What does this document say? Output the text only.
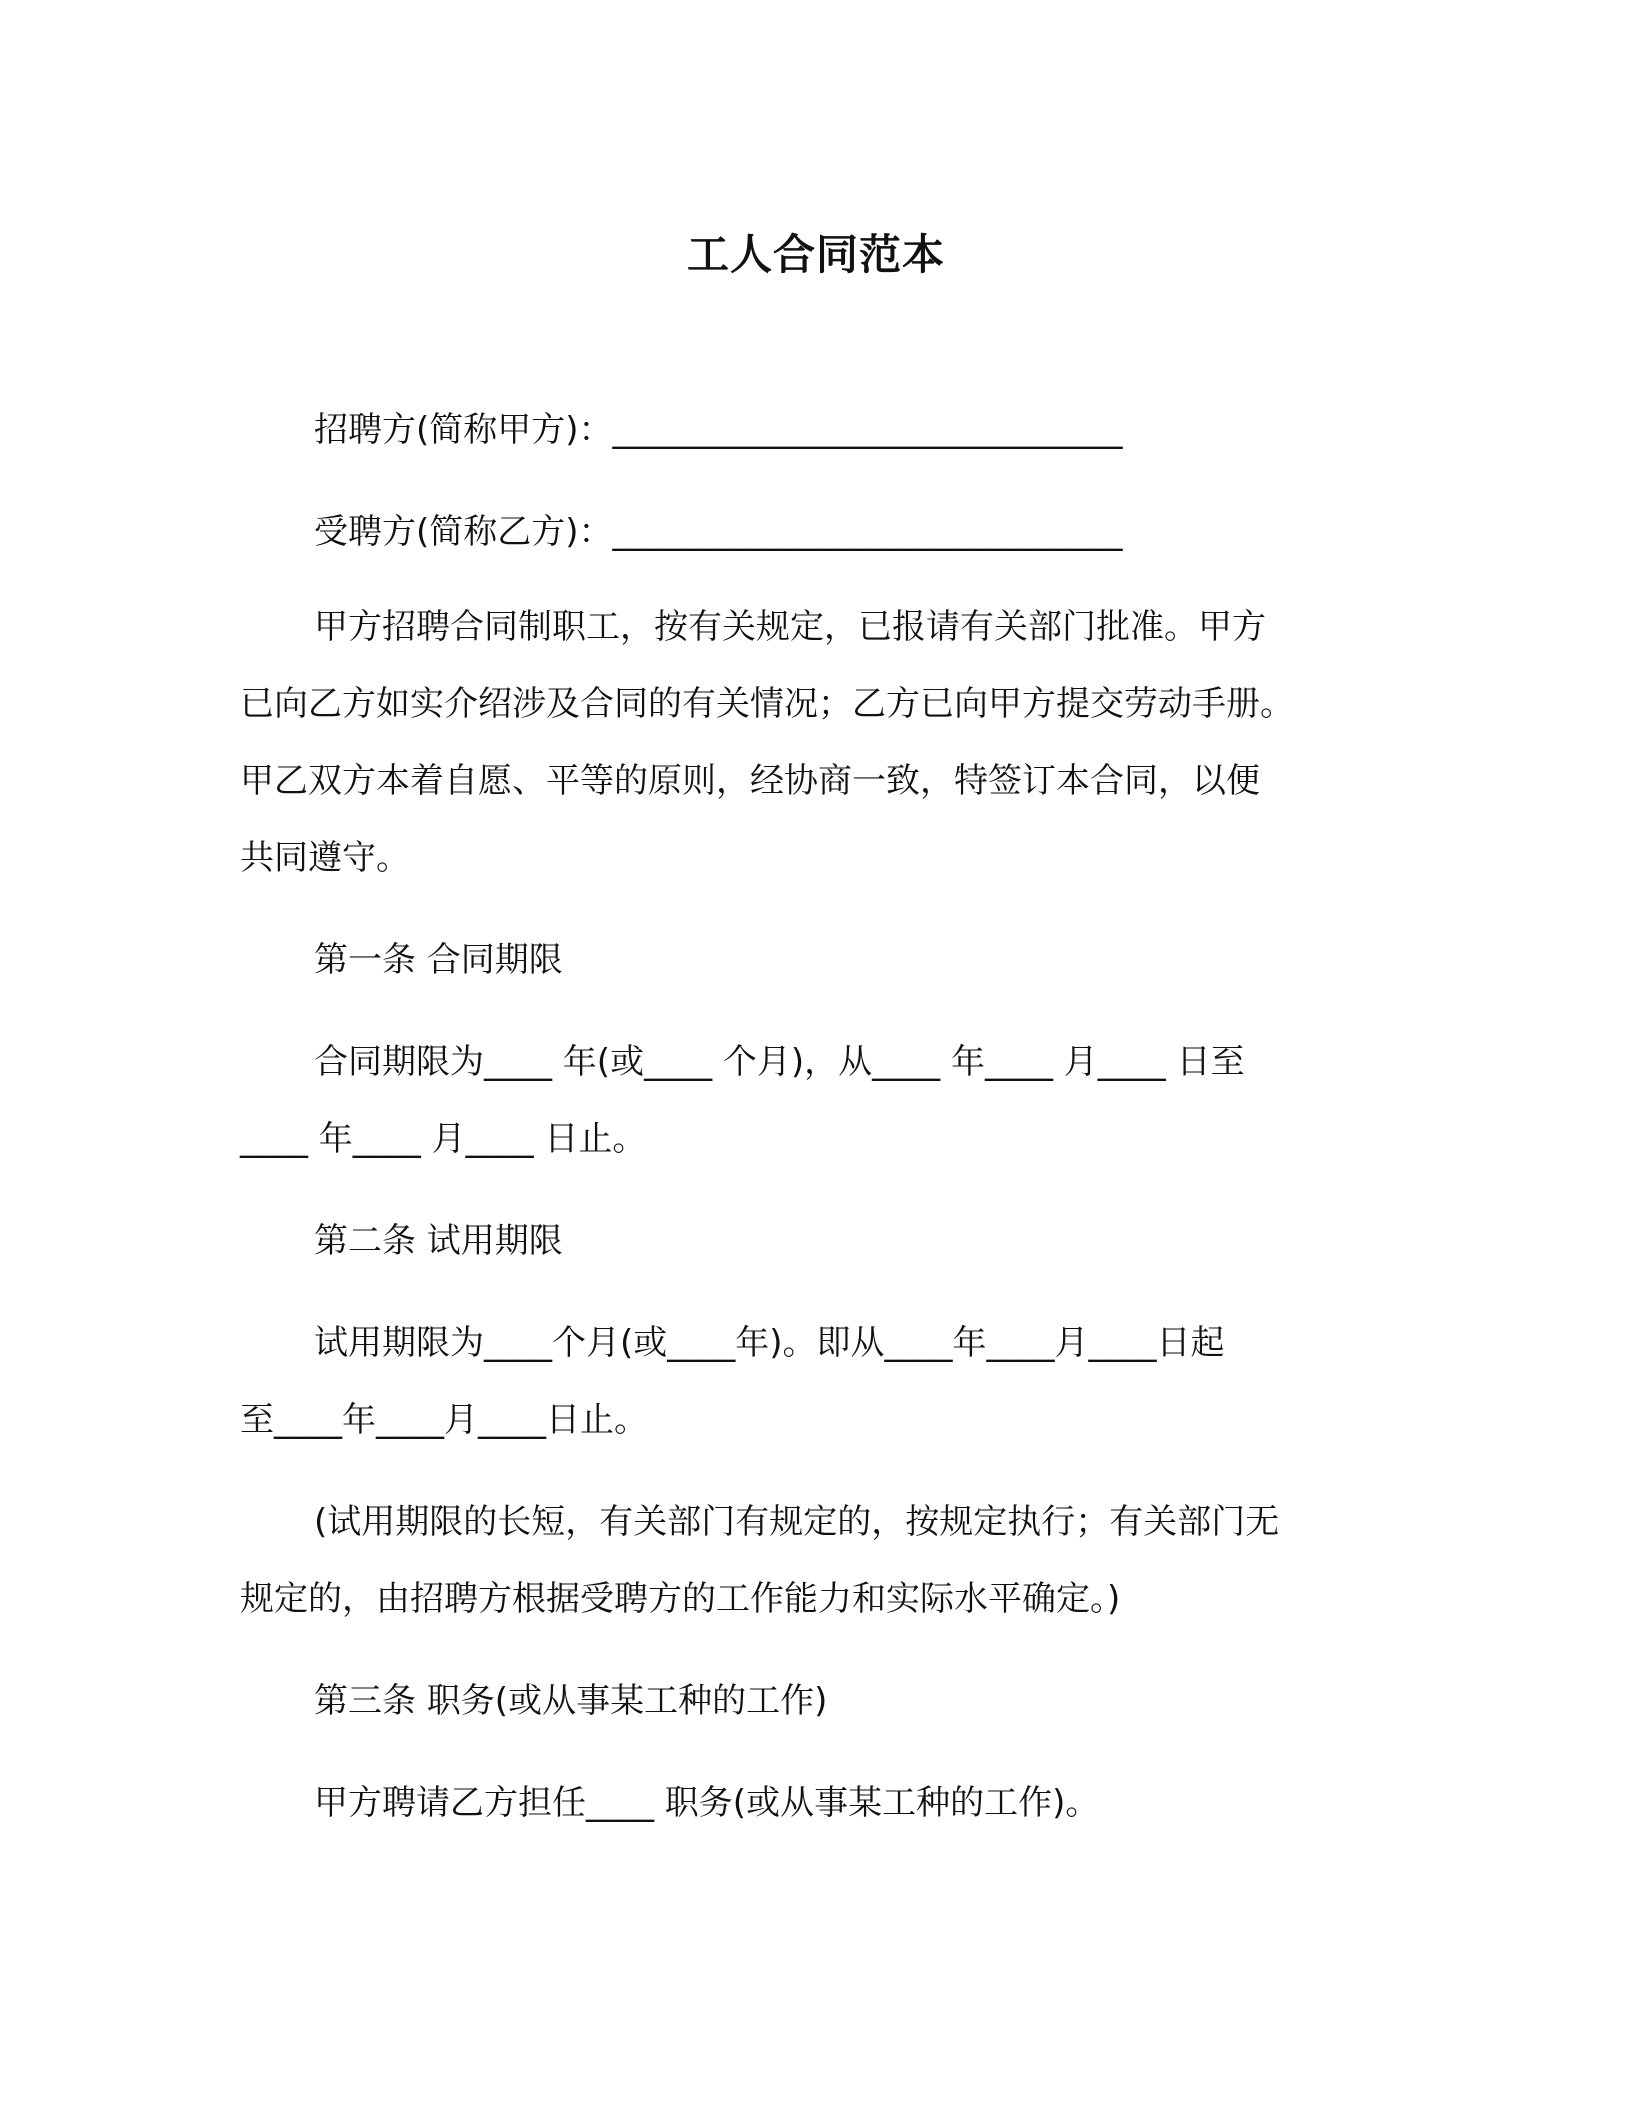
工人合同范本
招聘方(简称甲方)：______________________________
受聘方(简称乙方)：______________________________
甲方招聘合同制职工，按有关规定，已报请有关部门批准。甲方
已向乙方如实介绍涉及合同的有关情况；乙方已向甲方提交劳动手册。
甲乙双方本着自愿、平等的原则，经协商一致，特签订本合同，以便
共同遵守。
第一条 合同期限
合同期限为____ 年(或____ 个月)，从____ 年____ 月____ 日至
____ 年____ 月____ 日止。
第二条 试用期限
试用期限为____个月(或____年)。即从____年____月____日起
至____年____月____日止。
(试用期限的长短，有关部门有规定的，按规定执行；有关部门无
规定的，由招聘方根据受聘方的工作能力和实际水平确定。)
第三条 职务(或从事某工种的工作)
甲方聘请乙方担任____ 职务(或从事某工种的工作)。
